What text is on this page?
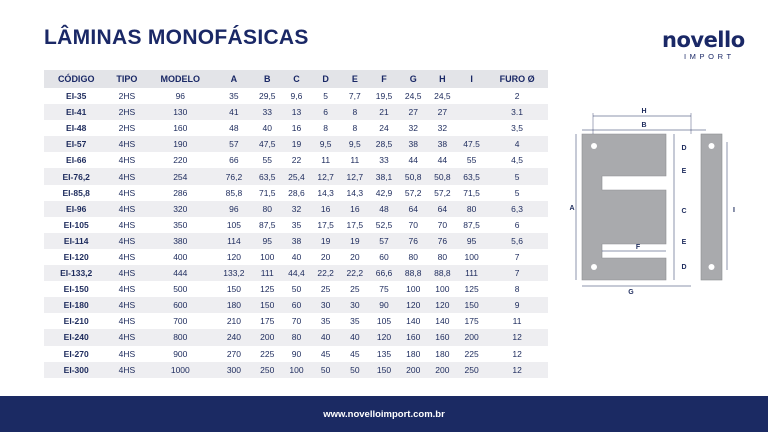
LÂMINAS MONOFÁSICAS	novello
IMPORT
CÓDIGO	TIPO	MODELO	A	B	C	D	E	F	G	H	I	FURO Ø
EI-35	2HS	96	35	29,5	9,6	5	7,7	19,5	24,5	24,5		2
EI-41	2HS	130	41	33	13	6	8	21	27	27		3.1
EI-48	2HS	160	48	40	16	8	8	24	32	32		3,5
EI-57	4HS	190	57	47,5	19	9,5	9,5	28,5	38	38	47.5	4
EI-66	4HS	220	66	55	22	11	11	33	44	44	55	4,5
EI-76,2	4HS	254	76,2	63,5	25,4	12,7	12,7	38,1	50,8	50,8	63,5	5
EI-85,8	4HS	286	85,8	71,5	28,6	14,3	14,3	42,9	57,2	57,2	71,5	5
EI-96	4HS	320	96	80	32	16	16	48	64	64	80	6,3
EI-105	4HS	350	105	87,5	35	17,5	17,5	52,5	70	70	87,5	6
EI-114	4HS	380	114	95	38	19	19	57	76	76	95	5,6
EI-120	4HS	400	120	100	40	20	20	60	80	80	100	7
EI-133,2	4HS	444	133,2	111	44,4	22,2	22,2	66,6	88,8	88,8	111	7
EI-150	4HS	500	150	125	50	25	25	75	100	100	125	8
EI-180	4HS	600	180	150	60	30	30	90	120	120	150	9
EI-210	4HS	700	210	175	70	35	35	105	140	140	175	11
EI-240	4HS	800	240	200	80	40	40	120	160	160	200	12
EI-270	4HS	900	270	225	90	45	45	135	180	180	225	12
EI-300	4HS	1000	300	250	100	50	50	150	200	200	250	12
H
B
A
D
E
C
E
D
F
G
I
www.novelloimport.com.br
